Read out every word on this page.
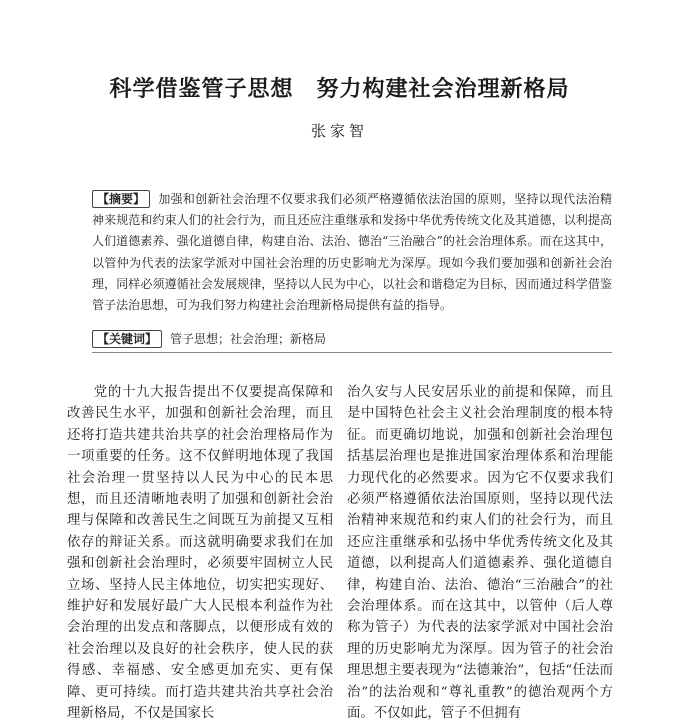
科学借鉴管子思想　努力构建社会治理新格局
张家智

【摘要】 加强和创新社会治理不仅要求我们必须严格遵循依法治国的原则，坚持以现代法治精神来规范和约束人们的社会行为，而且还应注重继承和发扬中华优秀传统文化及其道德，以利提高人们道德素养、强化道德自律，构建自治、法治、德治“三治融合”的社会治理体系。而在这其中，以管仲为代表的法家学派对中国社会治理的历史影响尤为深厚。现如今我们要加强和创新社会治理，同样必须遵循社会发展规律，坚持以人民为中心，以社会和谐稳定为目标，因而通过科学借鉴管子法治思想，可为我们努力构建社会治理新格局提供有益的指导。

【关键词】 管子思想；社会治理；新格局

党的十九大报告提出不仅要提高保障和改善民生水平，加强和创新社会治理，而且还将打造共建共治共享的社会治理格局作为一项重要的任务。这不仅鲜明地体现了我国社会治理一贯坚持以人民为中心的民本思想，而且还清晰地表明了加强和创新社会治理与保障和改善民生之间既互为前提又互相依存的辩证关系。而这就明确要求我们在加强和创新社会治理时，必须要牢固树立人民立场、坚持人民主体地位，切实把实现好、维护好和发展好最广大人民根本利益作为社会治理的出发点和落脚点，以便形成有效的社会治理以及良好的社会秩序，使人民的获得感、幸福感、安全感更加充实、更有保障、更可持续。而打造共建共治共享社会治理新格局，不仅是国家长

治久安与人民安居乐业的前提和保障，而且是中国特色社会主义社会治理制度的根本特征。而更确切地说，加强和创新社会治理包括基层治理也是推进国家治理体系和治理能力现代化的必然要求。因为它不仅要求我们必须严格遵循依法治国原则，坚持以现代法治精神来规范和约束人们的社会行为，而且还应注重继承和弘扬中华优秀传统文化及其道德，以利提高人们道德素养、强化道德自律，构建自治、法治、德治“三治融合”的社会治理体系。而在这其中，以管仲（后人尊称为管子）为代表的法家学派对中国社会治理的历史影响尤为深厚。因为管子的社会治理思想主要表现为“法德兼治”，包括“任法而治”的法治观和“尊礼重教”的德治观两个方面。不仅如此，管子不但拥有
